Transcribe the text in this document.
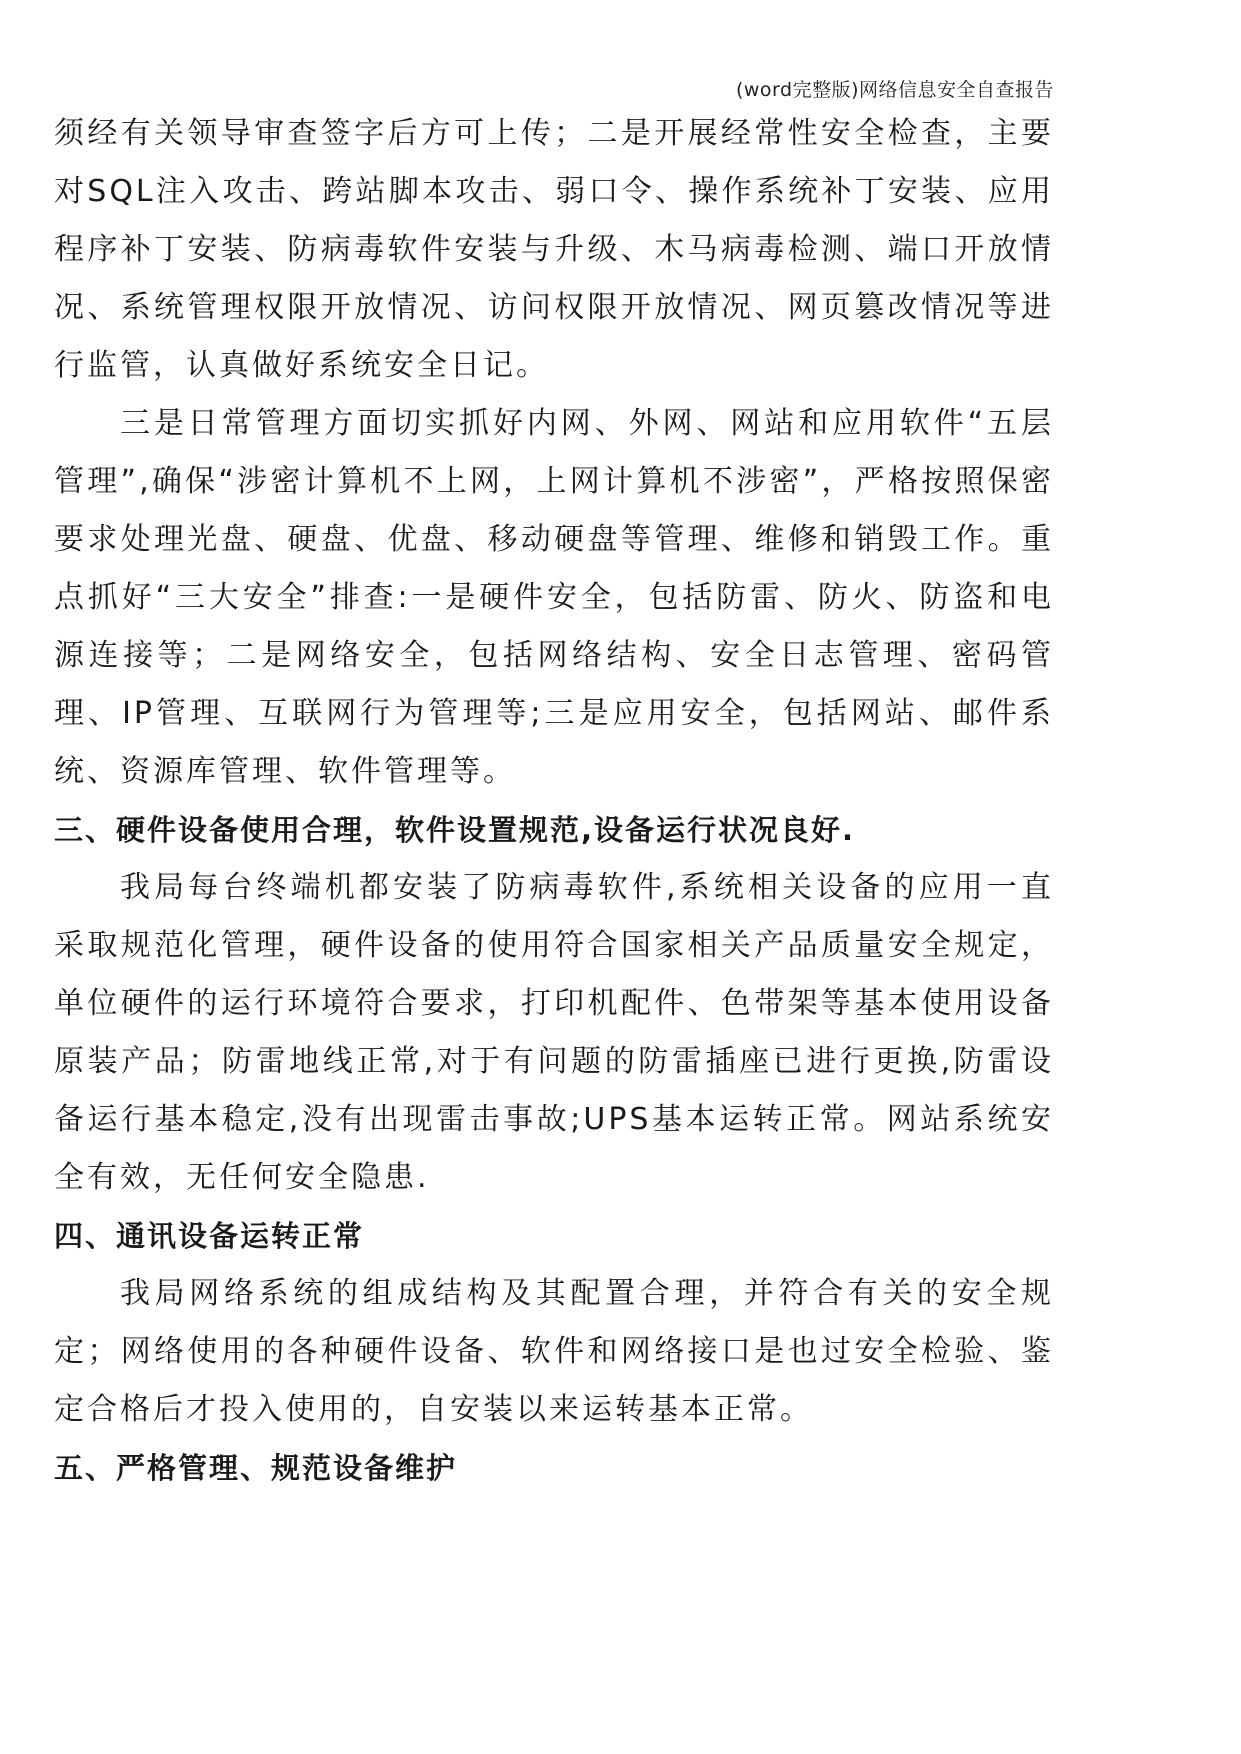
(word完整版)网络信息安全自查报告

须经有关领导审查签字后方可上传；二是开展经常性安全检查，主要对SQL注入攻击、跨站脚本攻击、弱口令、操作系统补丁安装、应用程序补丁安装、防病毒软件安装与升级、木马病毒检测、端口开放情况、系统管理权限开放情况、访问权限开放情况、网页篡改情况等进行监管，认真做好系统安全日记。

三是日常管理方面切实抓好内网、外网、网站和应用软件“五层管理”,确保“涉密计算机不上网，上网计算机不涉密”，严格按照保密要求处理光盘、硬盘、优盘、移动硬盘等管理、维修和销毁工作。重点抓好“三大安全”排查:一是硬件安全，包括防雷、防火、防盗和电源连接等；二是网络安全，包括网络结构、安全日志管理、密码管理、IP管理、互联网行为管理等;三是应用安全，包括网站、邮件系统、资源库管理、软件管理等。

三、硬件设备使用合理，软件设置规范,设备运行状况良好.

我局每台终端机都安装了防病毒软件,系统相关设备的应用一直采取规范化管理，硬件设备的使用符合国家相关产品质量安全规定，单位硬件的运行环境符合要求，打印机配件、色带架等基本使用设备原装产品；防雷地线正常,对于有问题的防雷插座已进行更换,防雷设备运行基本稳定,没有出现雷击事故;UPS基本运转正常。网站系统安全有效，无任何安全隐患.

四、通讯设备运转正常

我局网络系统的组成结构及其配置合理，并符合有关的安全规定；网络使用的各种硬件设备、软件和网络接口是也过安全检验、鉴定合格后才投入使用的，自安装以来运转基本正常。

五、严格管理、规范设备维护
